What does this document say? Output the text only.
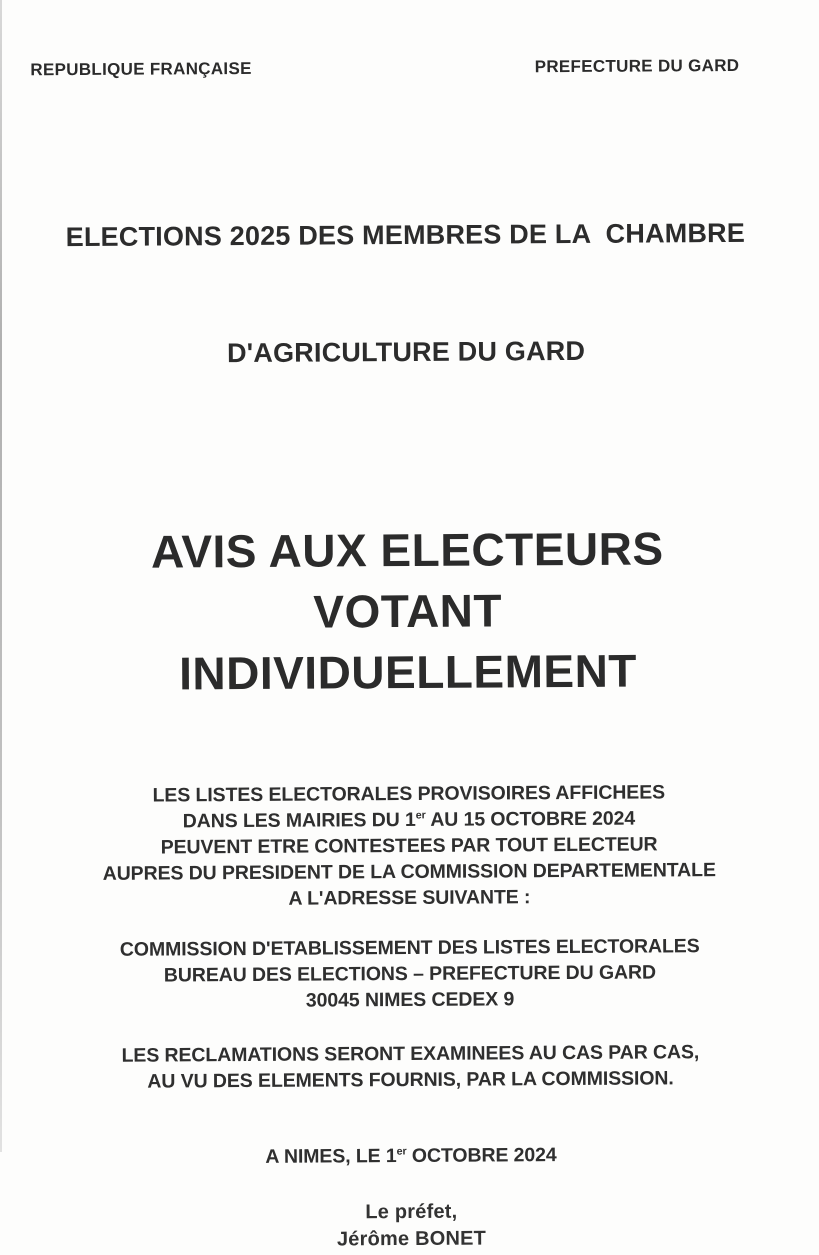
REPUBLIQUE FRANÇAISE	PREFECTURE DU GARD

ELECTIONS 2025 DES MEMBRES DE LA  CHAMBRE

D'AGRICULTURE DU GARD

AVIS AUX ELECTEURS
VOTANT
INDIVIDUELLEMENT
LES LISTES ELECTORALES PROVISOIRES AFFICHEES
DANS LES MAIRIES DU 1er AU 15 OCTOBRE 2024
PEUVENT ETRE CONTESTEES PAR TOUT ELECTEUR
AUPRES DU PRESIDENT DE LA COMMISSION DEPARTEMENTALE
A L'ADRESSE SUIVANTE :
COMMISSION D'ETABLISSEMENT DES LISTES ELECTORALES
BUREAU DES ELECTIONS – PREFECTURE DU GARD
30045 NIMES CEDEX 9
LES RECLAMATIONS SERONT EXAMINEES AU CAS PAR CAS,
AU VU DES ELEMENTS FOURNIS, PAR LA COMMISSION.
A NIMES, LE 1er OCTOBRE 2024
Le préfet,
Jérôme BONET
